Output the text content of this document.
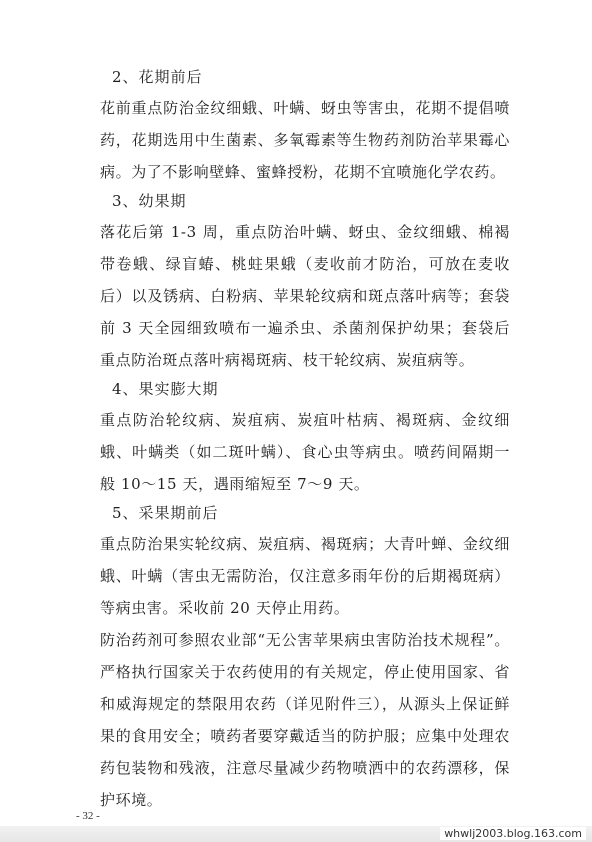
2、花期前后
花前重点防治金纹细蛾、叶螨、蚜虫等害虫，花期不提倡喷药，花期选用中生菌素、多氧霉素等生物药剂防治苹果霉心病。为了不影响壁蜂、蜜蜂授粉，花期不宜喷施化学农药。
3、幼果期
落花后第 1-3 周，重点防治叶螨、蚜虫、金纹细蛾、棉褐带卷蛾、绿盲蝽、桃蛀果蛾（麦收前才防治，可放在麦收后）以及锈病、白粉病、苹果轮纹病和斑点落叶病等；套袋前 3 天全园细致喷布一遍杀虫、杀菌剂保护幼果；套袋后重点防治斑点落叶病褐斑病、枝干轮纹病、炭疽病等。
4、果实膨大期
重点防治轮纹病、炭疽病、炭疽叶枯病、褐斑病、金纹细蛾、叶螨类（如二斑叶螨）、食心虫等病虫。喷药间隔期一般 10～15 天，遇雨缩短至 7～9 天。
5、采果期前后
重点防治果实轮纹病、炭疽病、褐斑病；大青叶蝉、金纹细蛾、叶螨（害虫无需防治，仅注意多雨年份的后期褐斑病）等病虫害。采收前 20 天停止用药。
防治药剂可参照农业部“无公害苹果病虫害防治技术规程”。严格执行国家关于农药使用的有关规定，停止使用国家、省和威海规定的禁限用农药（详见附件三），从源头上保证鲜果的食用安全；喷药者要穿戴适当的防护服；应集中处理农药包装物和残液，注意尽量减少药物喷洒中的农药漂移，保护环境。
- 32 -
whwlj2003.blog.163.com
